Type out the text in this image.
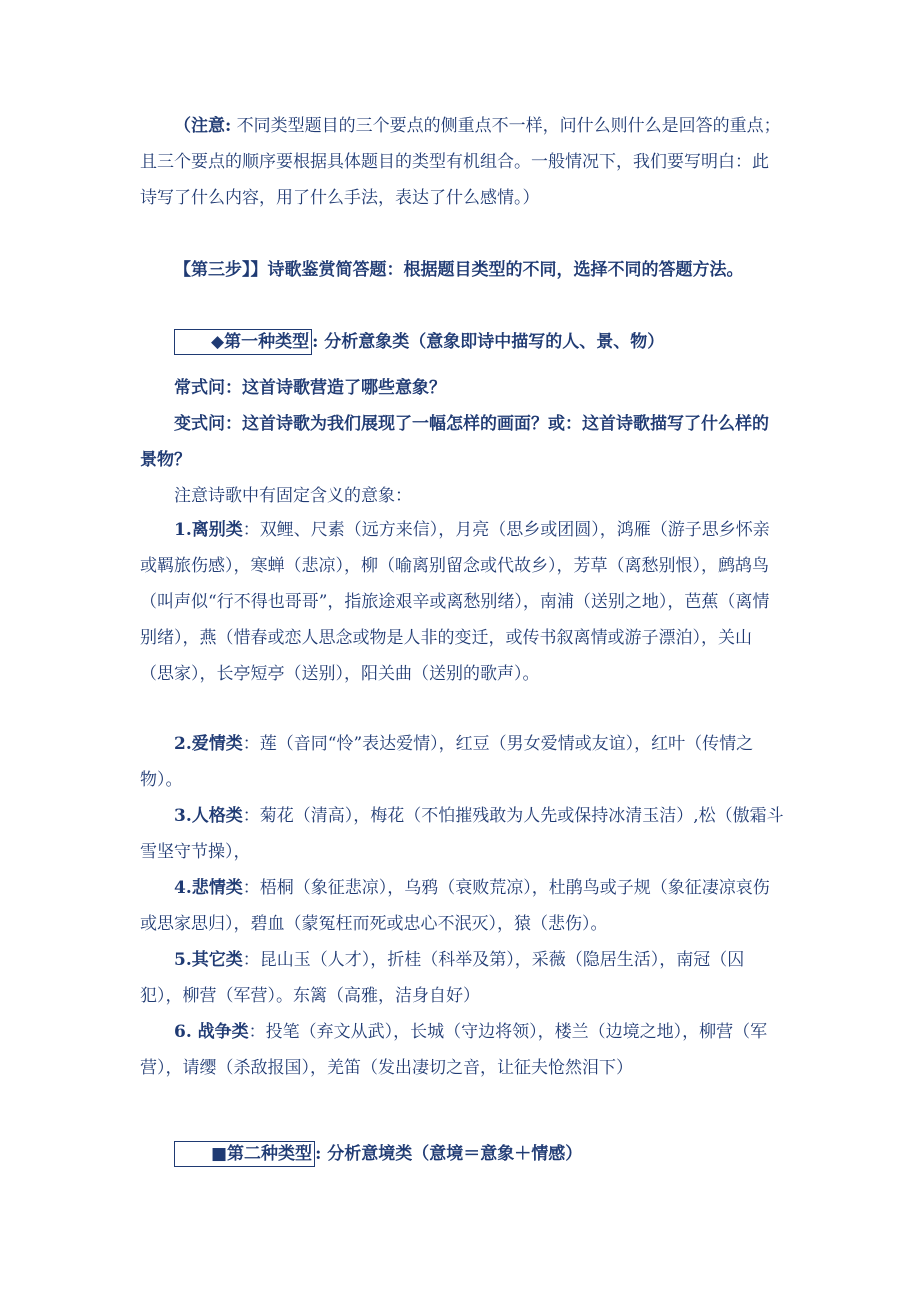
（注意: 不同类型题目的三个要点的侧重点不一样，问什么则什么是回答的重点；且三个要点的顺序要根据具体题目的类型有机组合。一般情况下，我们要写明白：此诗写了什么内容，用了什么手法，表达了什么感情。）

【第三步】】诗歌鉴赏简答题：根据题目类型的不同，选择不同的答题方法。

◆第一种类型 : 分析意象类（意象即诗中描写的人、景、物）

常式问：这首诗歌营造了哪些意象？

变式问：这首诗歌为我们展现了一幅怎样的画面？或：这首诗歌描写了什么样的景物？

注意诗歌中有固定含义的意象：

1.离别类：双鲤、尺素（远方来信），月亮（思乡或团圆），鸿雁（游子思乡怀亲或羁旅伤感），寒蝉（悲凉），柳（喻离别留念或代故乡），芳草（离愁别恨），鹧鸪鸟（叫声似“行不得也哥哥”，指旅途艰辛或离愁别绪），南浦（送别之地），芭蕉（离情别绪），燕（惜春或恋人思念或物是人非的变迁，或传书叙离情或游子漂泊），关山（思家），长亭短亭（送别），阳关曲（送别的歌声）。

2.爱情类：莲（音同“怜”表达爱情），红豆（男女爱情或友谊），红叶（传情之物）。

3.人格类：菊花（清高），梅花（不怕摧残敢为人先或保持冰清玉洁）,松（傲霜斗雪坚守节操），

4.悲情类：梧桐（象征悲凉），乌鸦（衰败荒凉），杜鹃鸟或子规（象征凄凉哀伤或思家思归），碧血（蒙冤枉而死或忠心不泯灭），猿（悲伤）。

5.其它类：昆山玉（人才），折桂（科举及第），采薇（隐居生活），南冠（囚犯），柳营（军营）。东篱（高雅，洁身自好）

6. 战争类：投笔（弃文从武），长城（守边将领），楼兰（边境之地），柳营（军营），请缨（杀敌报国），羌笛（发出凄切之音，让征夫怆然泪下）

■第二种类型 : 分析意境类（意境＝意象＋情感）
